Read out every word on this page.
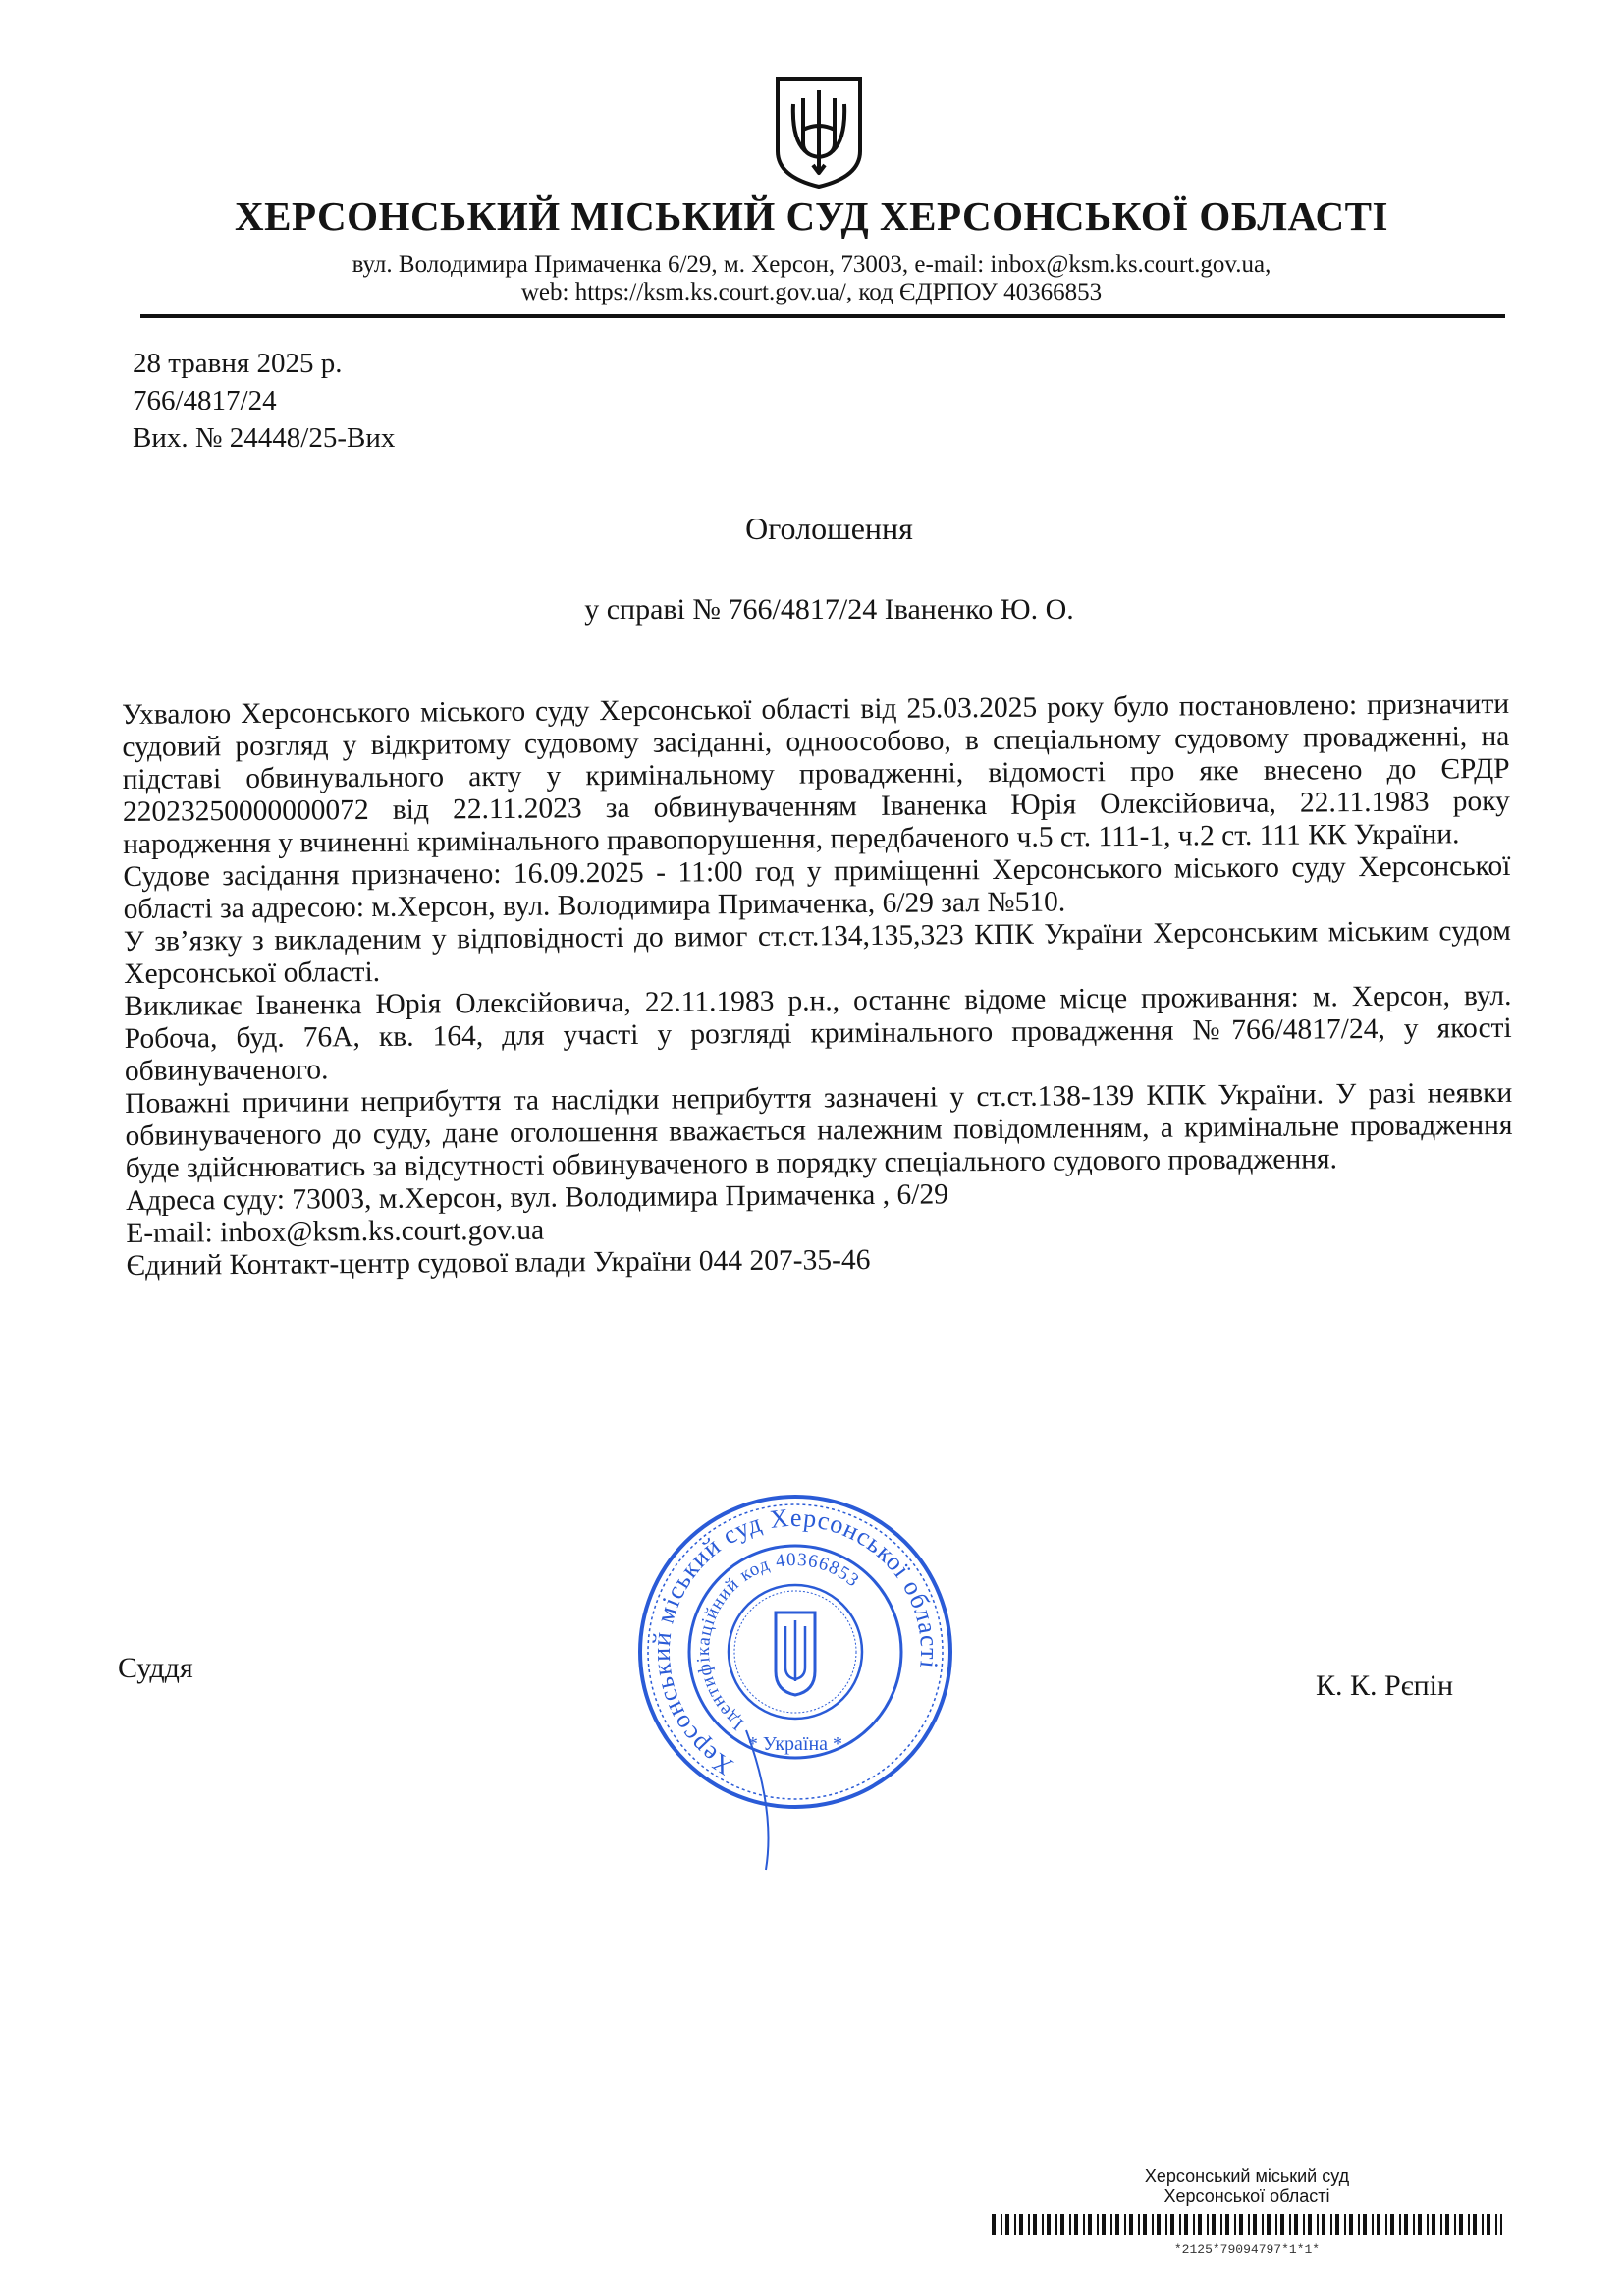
ХЕРСОНСЬКИЙ МІСЬКИЙ СУД ХЕРСОНСЬКОЇ ОБЛАСТІ
вул. Володимира Примаченка 6/29, м. Херсон, 73003, e-mail: inbox@ksm.ks.court.gov.ua,
web: https://ksm.ks.court.gov.ua/, код ЄДРПОУ 40366853
28 травня 2025 р.
766/4817/24
Вих. № 24448/25-Вих
Оголошення
у справі № 766/4817/24 Іваненко Ю. О.

Ухвалою Херсонського міського суду Херсонської області від 25.03.2025 року було постановлено: призначити судовий розгляд у відкритому судовому засіданні, одноособово, в спеціальному судовому провадженні, на підставі обвинувального акту у кримінальному провадженні, відомості про яке внесено до ЄРДР 22023250000000072 від 22.11.2023 за обвинуваченням Іваненка Юрія Олексійовича, 22.11.1983 року народження у вчиненні кримінального правопорушення, передбаченого ч.5 ст. 111-1, ч.2 ст. 111 КК України.

Судове засідання призначено: 16.09.2025 - 11:00 год у приміщенні Херсонського міського суду Херсонської області за адресою: м.Херсон, вул. Володимира Примаченка, 6/29 зал №510.

У зв’язку з викладеним у відповідності до вимог ст.ст.134,135,323 КПК України Херсонським міським судом Херсонської області.

Викликає Іваненка Юрія Олексійовича, 22.11.1983 р.н., останнє відоме місце проживання: м. Херсон, вул. Робоча, буд. 76А, кв. 164, для участі у розгляді кримінального провадження №766/4817/24, у якості обвинуваченого.

Поважні причини неприбуття та наслідки неприбуття зазначені у ст.ст.138-139 КПК України. У разі неявки обвинуваченого до суду, дане оголошення вважається належним повідомленням, а кримінальне провадження буде здійснюватись за відсутності обвинуваченого в порядку спеціального судового провадження.

Адреса суду: 73003, м.Херсон, вул. Володимира Примаченка , 6/29

E-mail: inbox@ksm.ks.court.gov.ua

Єдиний Контакт-центр судової влади України 044 207-35-46

Суддя
К. К. Рєпін
Херсонський міський суд Херсонської області
Ідентифікаційний код 40366853
* Україна *
Херсонський міський суд
Херсонської області
*2125*79094797*1*1*
